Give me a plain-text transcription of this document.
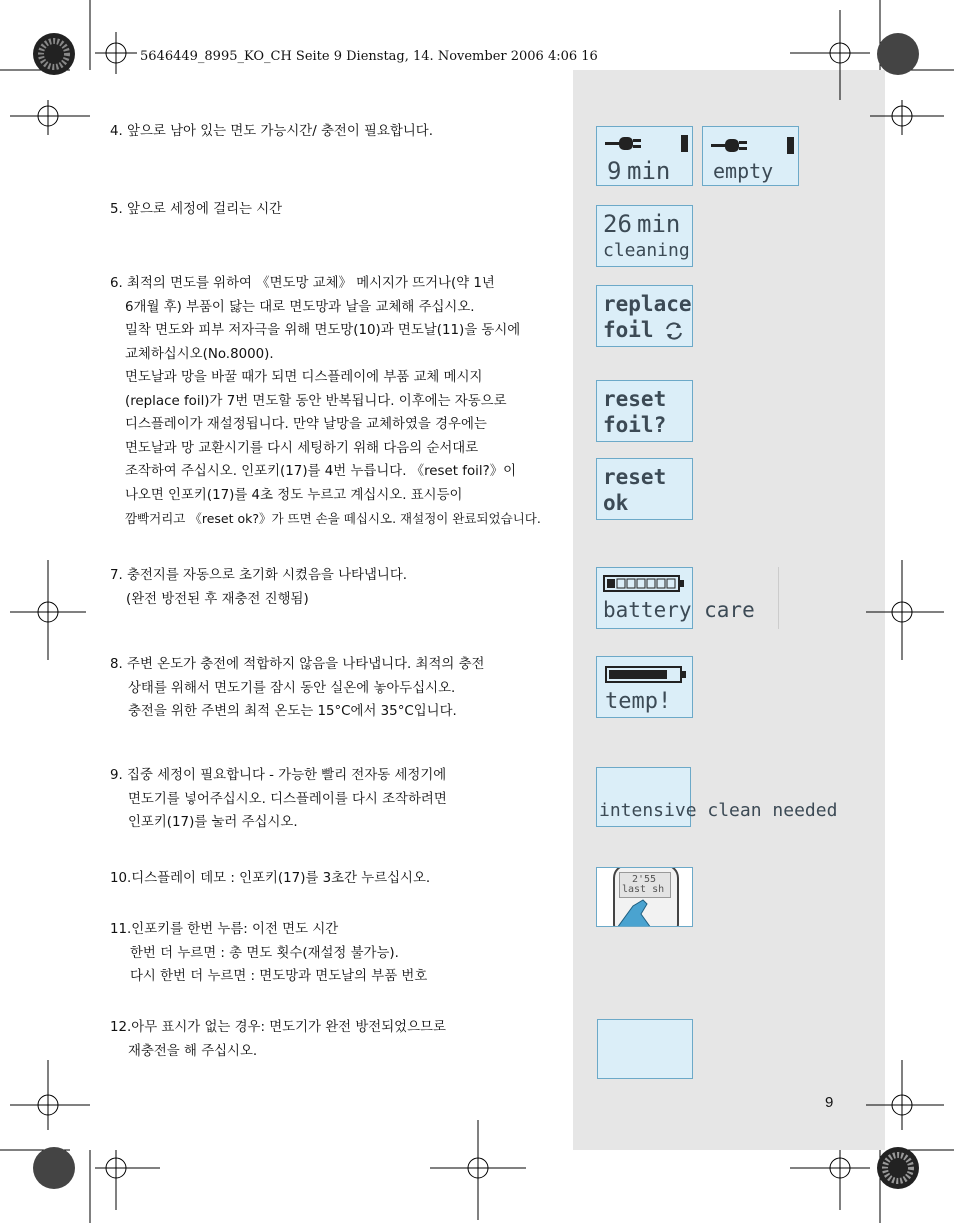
5646449_8995_KO_CH Seite 9 Dienstag, 14. November 2006 4:06 16
4. 앞으로 남아 있는 면도 가능시간/ 충전이 필요합니다.
5. 앞으로 세정에 걸리는 시간
6. 최적의 면도를 위하여 《면도망 교체》 메시지가 뜨거나(약 1년
6개월 후) 부품이 닳는 대로 면도망과 날을 교체해 주십시오.
밀착 면도와 피부 저자극을 위해 면도망(10)과 면도날(11)을 동시에
교체하십시오(No.8000).
면도날과 망을 바꿀 때가 되면 디스플레이에 부품 교체 메시지
(replace foil)가 7번 면도할 동안 반복됩니다. 이후에는 자동으로
디스플레이가 재설정됩니다. 만약 날망을 교체하였을 경우에는
면도날과 망 교환시기를 다시 세팅하기 위해 다음의 순서대로
조작하여 주십시오. 인포키(17)를 4번 누릅니다. 《reset foil?》이
나오면 인포키(17)를 4초 정도 누르고 계십시오. 표시등이
깜빡거리고 《reset ok?》가 뜨면 손을 떼십시오. 재설정이 완료되었습니다.
7. 충전지를 자동으로 초기화 시켰음을 나타냅니다.
(완전 방전된 후 재충전 진행됨)
8. 주변 온도가 충전에 적합하지 않음을 나타냅니다. 최적의 충전
상태를 위해서 면도기를 잠시 동안 실온에 놓아두십시오.
충전을 위한 주변의 최적 온도는 15°C에서 35°C입니다.
9. 집중 세정이 필요합니다 - 가능한 빨리 전자동 세정기에
면도기를 넣어주십시오. 디스플레이를 다시 조작하려면
인포키(17)를 눌러 주십시오.
10.디스플레이 데모 : 인포키(17)를 3초간 누르십시오.
11.인포키를 한번 누름: 이전 면도 시간
한번 더 누르면 : 총 면도 횟수(재설정 불가능).
다시 한번 더 누르면 : 면도망과 면도날의 부품 번호
12.아무 표시가 없는 경우: 면도기가 완전 방전되었으므로
재충전을 해 주십시오.
9 min empty
26 min
cleaning
replace
foil
reset
foil?
reset
ok
battery care
temp!
intensive clean needed
2'55
last sh
9
